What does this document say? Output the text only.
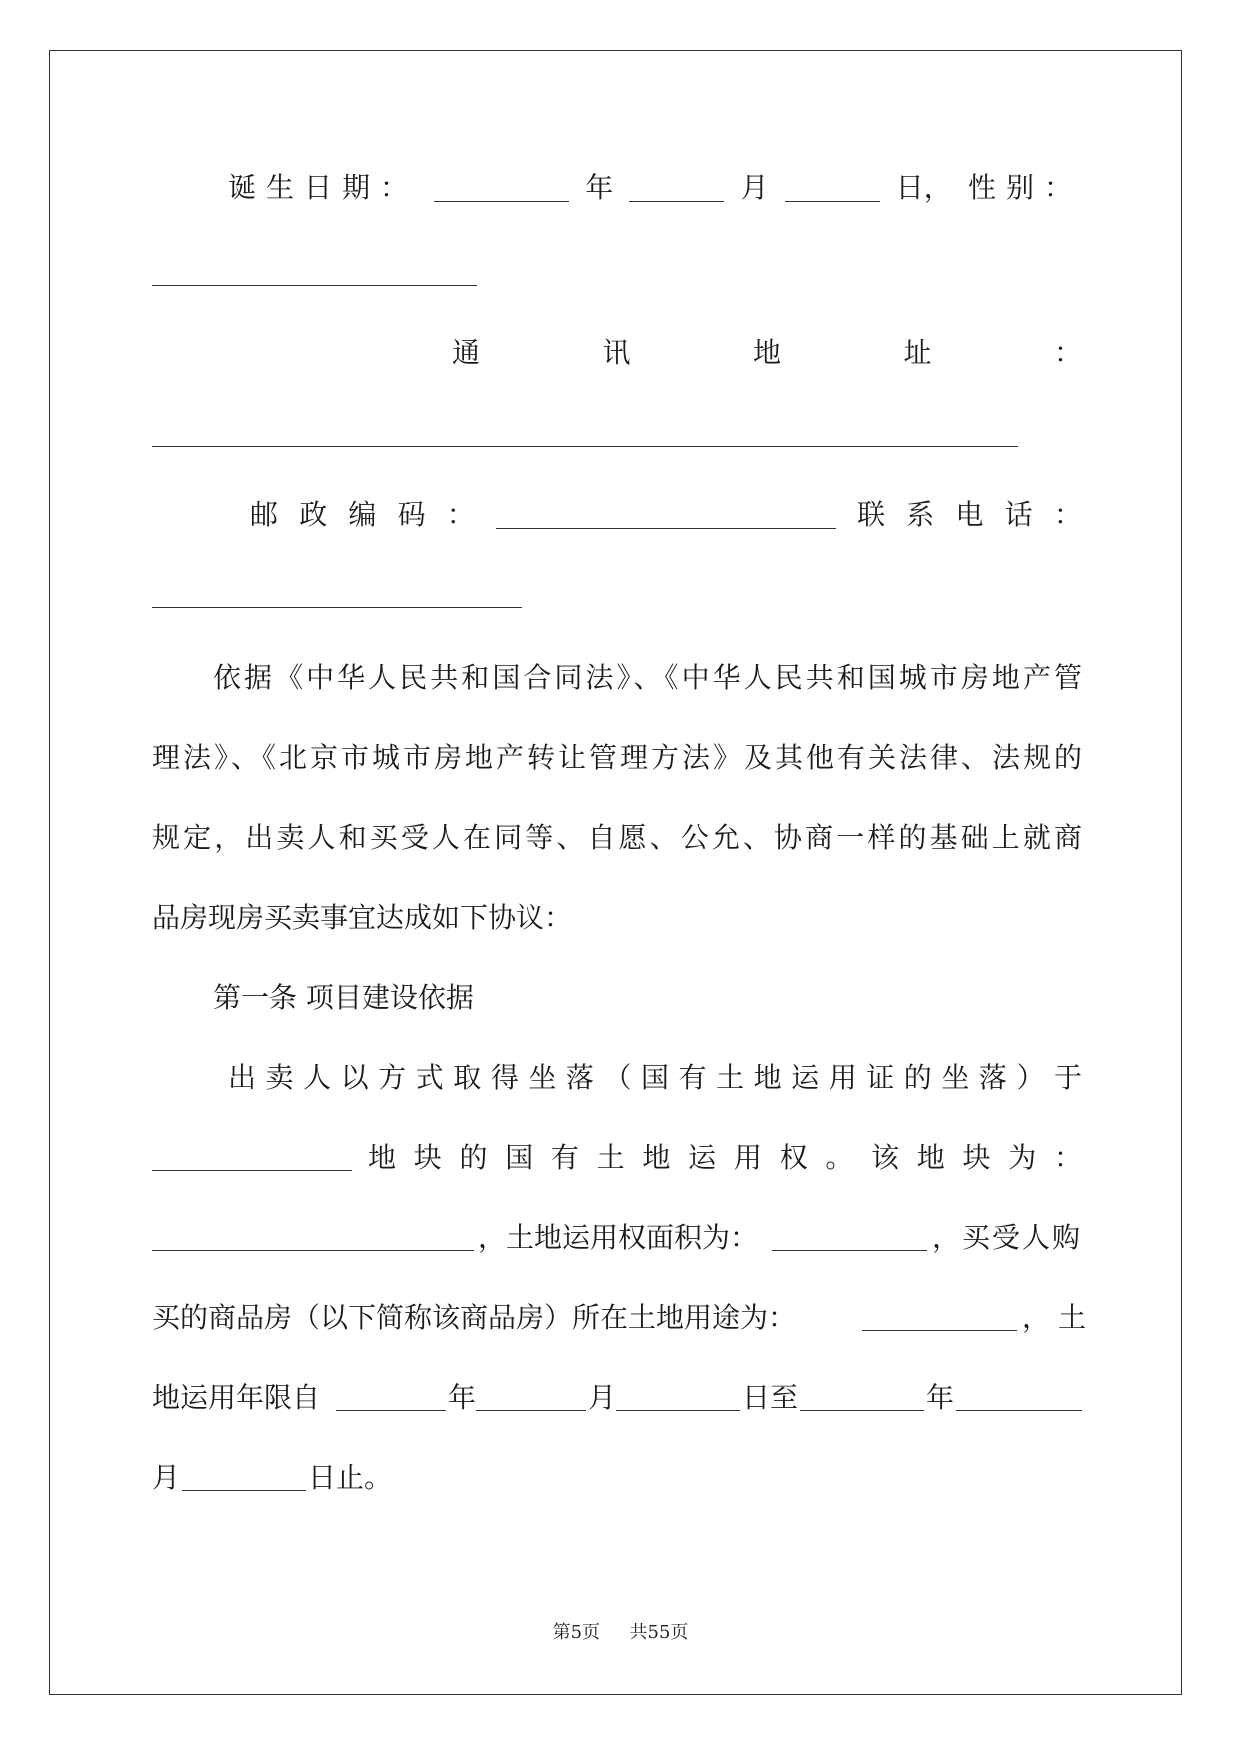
诞生日期：	年	月	日， 性别：
通	讯	地	址	：
邮 政 编 码 ：	联 系 电 话 ：
依据《中华人民共和国合同法》、《中华人民共和国城市房地产管
理法》、《北京市城市房地产转让管理方法》及其他有关法律、法规的
规定，出卖人和买受人在同等、自愿、公允、协商一样的基础上就商
品房现房买卖事宜达成如下协议：
第一条 项目建设依据
出卖人以方式取得坐落（国有土地运用证的坐落）于
地块的国有土地运用权。该地块为：
，土地运用权面积为：	，买受人购
买的商品房（以下简称该商品房）所在土地用途为：	，土
地运用年限自	年	月	日至	年
月	日止。
第5页 共55页
